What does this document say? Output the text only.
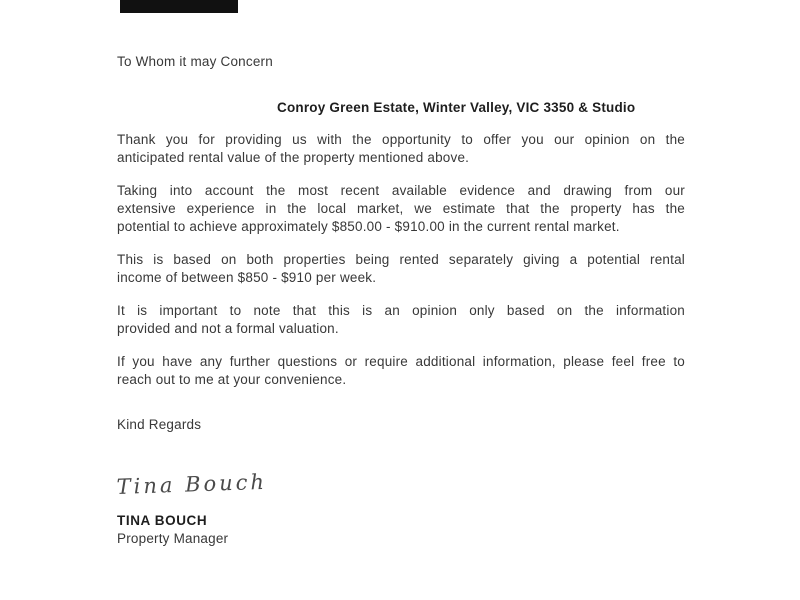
To Whom it may Concern
Conroy Green Estate, Winter Valley, VIC 3350 & Studio
Thank you for providing us with the opportunity to offer you our opinion on the
anticipated rental value of the property mentioned above.
Taking into account the most recent available evidence and drawing from our
extensive experience in the local market, we estimate that the property has the
potential to achieve approximately $850.00 - $910.00 in the current rental market.
This is based on both properties being rented separately giving a potential rental
income of between $850 - $910 per week.
It is important to note that this is an opinion only based on the information
provided and not a formal valuation.
If you have any further questions or require additional information, please feel free to
reach out to me at your convenience.
Kind Regards
Tina Bouch
TINA BOUCH
Property Manager
